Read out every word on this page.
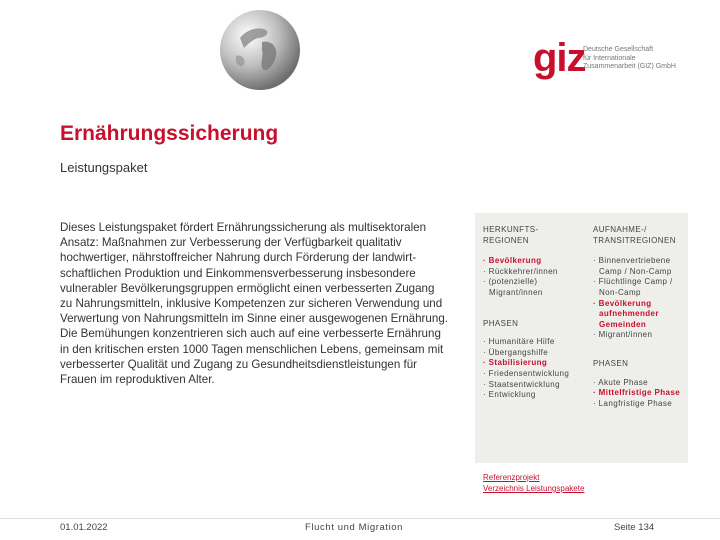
giz
Deutsche Gesellschaft
für Internationale
Zusammenarbeit (GIZ) GmbH
Ernährungssicherung
Leistungspaket
Dieses Leistungspaket fördert Ernährungssicherung als multisektoralen Ansatz: Maßnahmen zur Verbesserung der Verfügbarkeit qualitativ hochwertiger, nährstoffreicher Nahrung durch Förderung der landwirt-schaftlichen Produktion und Einkommensverbesserung insbesondere vulnerabler Bevölkerungsgruppen ermöglicht einen verbesserten Zugang zu Nahrungsmitteln, inklusive Kompetenzen zur sicheren Verwendung und Verwertung von Nahrungsmitteln im Sinne einer ausgewogenen Ernährung. Die Bemühungen konzentrieren sich auch auf eine verbesserte Ernährung in den kritischen ersten 1000 Tagen menschlichen Lebens, gemeinsam mit verbesserter Qualität und Zugang zu Gesundheitsdienstleistungen für Frauen im reproduktiven Alter.
HERKUNFTS-REGIONEN
· Bevölkerung
· Rückkehrer/innen
· (potenzielle) Migrant/innen
PHASEN
· Humanitäre Hilfe
· Übergangshilfe
· Stabilisierung
· Friedensentwicklung
· Staatsentwicklung
· Entwicklung
AUFNAHME-/ TRANSITREGIONEN
· Binnenvertriebene Camp / Non-Camp
· Flüchtlinge Camp / Non-Camp
· Bevölkerung aufnehmender Gemeinden
· Migrant/innen
PHASEN
· Akute Phase
· Mittelfristige Phase
· Langfristige Phase
Referenzprojekt
Verzeichnis Leistungspakete
01.01.2022	Flucht und Migration	Seite 134
